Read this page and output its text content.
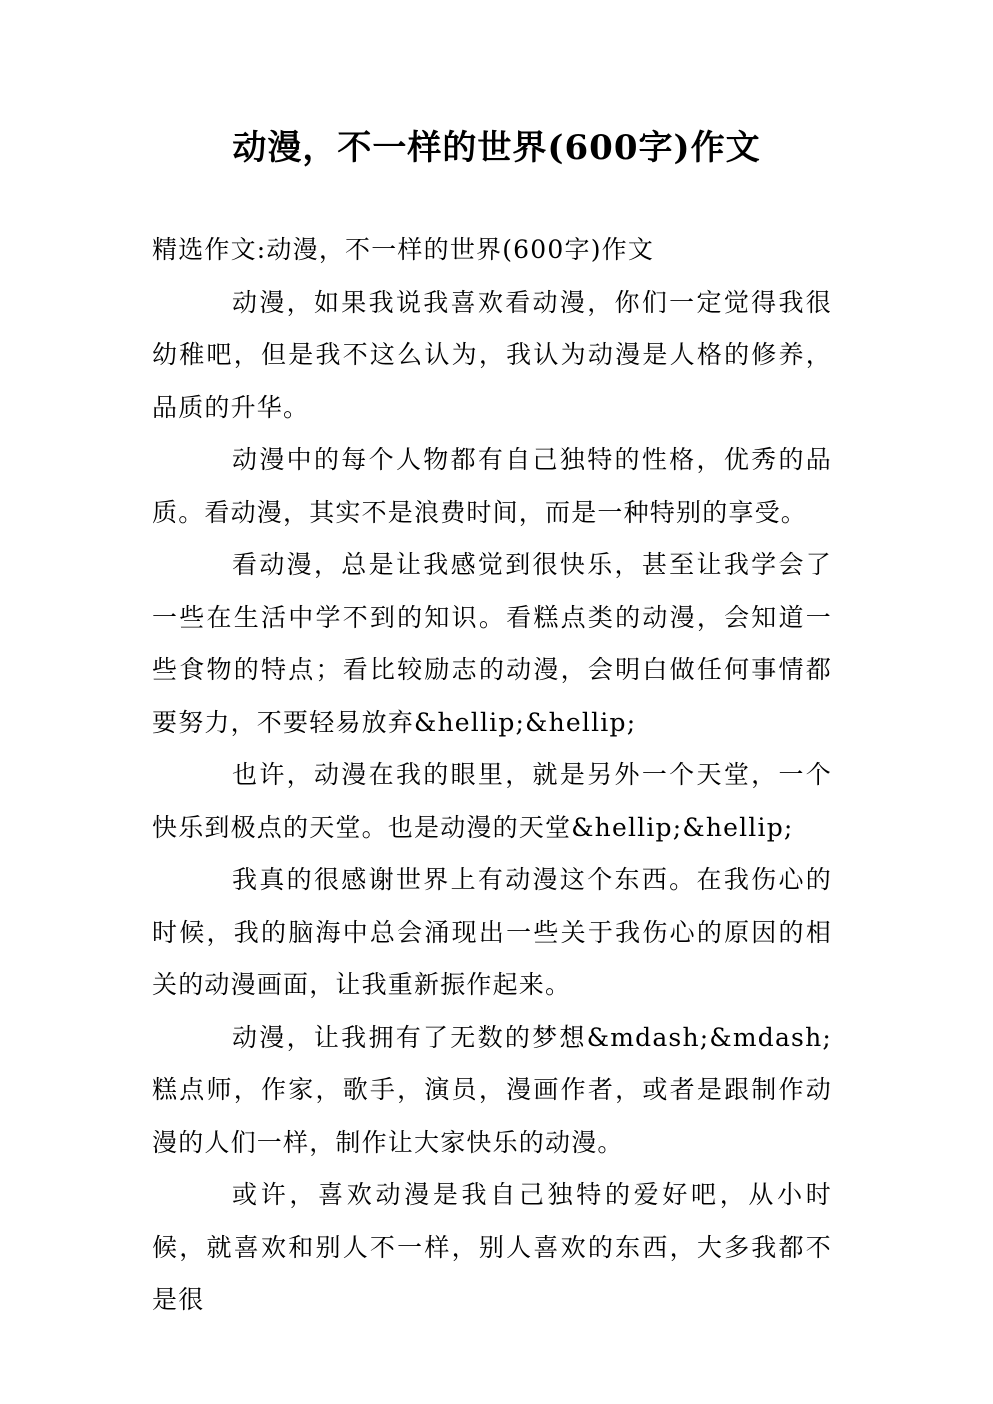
动漫，不一样的世界(600字)作文

精选作文:动漫，不一样的世界(600字)作文

动漫，如果我说我喜欢看动漫，你们一定觉得我很幼稚吧，但是我不这么认为，我认为动漫是人格的修养，品质的升华。

动漫中的每个人物都有自己独特的性格，优秀的品质。看动漫，其实不是浪费时间，而是一种特别的享受。

看动漫，总是让我感觉到很快乐，甚至让我学会了一些在生活中学不到的知识。看糕点类的动漫，会知道一些食物的特点；看比较励志的动漫，会明白做任何事情都要努力，不要轻易放弃&hellip;&hellip;

也许，动漫在我的眼里，就是另外一个天堂，一个快乐到极点的天堂。也是动漫的天堂&hellip;&hellip;

我真的很感谢世界上有动漫这个东西。在我伤心的时候，我的脑海中总会涌现出一些关于我伤心的原因的相关的动漫画面，让我重新振作起来。

动漫，让我拥有了无数的梦想&mdash;&mdash;糕点师，作家，歌手，演员，漫画作者，或者是跟制作动漫的人们一样，制作让大家快乐的动漫。

或许，喜欢动漫是我自己独特的爱好吧，从小时候，就喜欢和别人不一样，别人喜欢的东西，大多我都不是很
